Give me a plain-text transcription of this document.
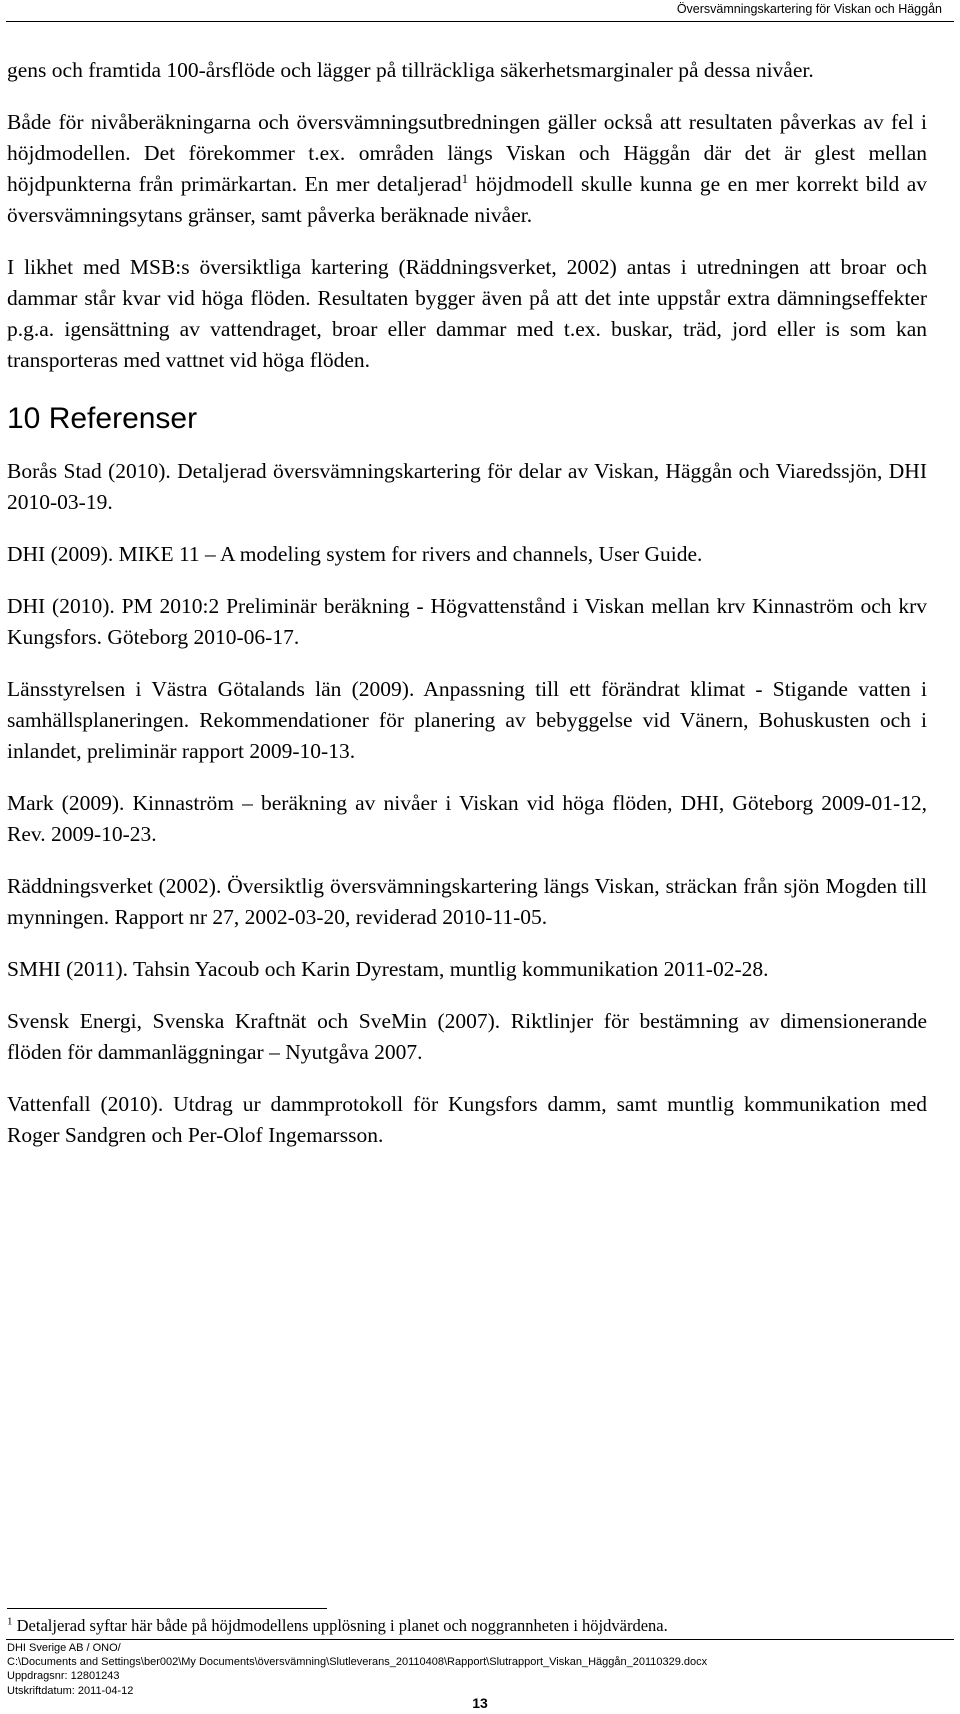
Översvämningskartering för Viskan och Häggån

gens och framtida 100-årsflöde och lägger på tillräckliga säkerhetsmarginaler på dessa nivåer.

Både för nivåberäkningarna och översvämningsutbredningen gäller också att resultaten påverkas av fel i höjdmodellen. Det förekommer t.ex. områden längs Viskan och Häggån där det är glest mellan höjdpunkterna från primärkartan. En mer detaljerad$^1$ höjdmodell skulle kunna ge en mer korrekt bild av översvämningsytans gränser, samt påverka beräknade nivåer.

I likhet med MSB:s översiktliga kartering (Räddningsverket, 2002) antas i utredningen att broar och dammar står kvar vid höga flöden. Resultaten bygger även på att det inte uppstår extra dämningseffekter p.g.a. igensättning av vattendraget, broar eller dammar med t.ex. buskar, träd, jord eller is som kan transporteras med vattnet vid höga flöden.

10 Referenser

Borås Stad (2010). Detaljerad översvämningskartering för delar av Viskan, Häggån och Viaredssjön, DHI 2010-03-19.

DHI (2009). MIKE 11 – A modeling system for rivers and channels, User Guide.

DHI (2010). PM 2010:2 Preliminär beräkning - Högvattenstånd i Viskan mellan krv Kinnaström och krv Kungsfors. Göteborg 2010-06-17.

Länsstyrelsen i Västra Götalands län (2009). Anpassning till ett förändrat klimat - Stigande vatten i samhällsplaneringen. Rekommendationer för planering av bebyggelse vid Vänern, Bohuskusten och i inlandet, preliminär rapport 2009-10-13.

Mark (2009). Kinnaström – beräkning av nivåer i Viskan vid höga flöden, DHI, Göteborg 2009-01-12, Rev. 2009-10-23.

Räddningsverket (2002). Översiktlig översvämningskartering längs Viskan, sträckan från sjön Mogden till mynningen. Rapport nr 27, 2002-03-20, reviderad 2010-11-05.

SMHI (2011). Tahsin Yacoub och Karin Dyrestam, muntlig kommunikation 2011-02-28.

Svensk Energi, Svenska Kraftnät och SveMin (2007). Riktlinjer för bestämning av dimensionerande flöden för dammanläggningar – Nyutgåva 2007.

Vattenfall (2010). Utdrag ur dammprotokoll för Kungsfors damm, samt muntlig kommunikation med Roger Sandgren och Per-Olof Ingemarsson.

$^1$ Detaljerad syftar här både på höjdmodellens upplösning i planet och noggrannheten i höjdvärdena.
DHI Sverige AB / ONO/
C:\Documents and Settings\ber002\My Documents\översvämning\Slutleverans_20110408\Rapport\Slutrapport_Viskan_Häggån_20110329.docx
Uppdragsnr: 12801243
Utskriftdatum: 2011-04-12
13
